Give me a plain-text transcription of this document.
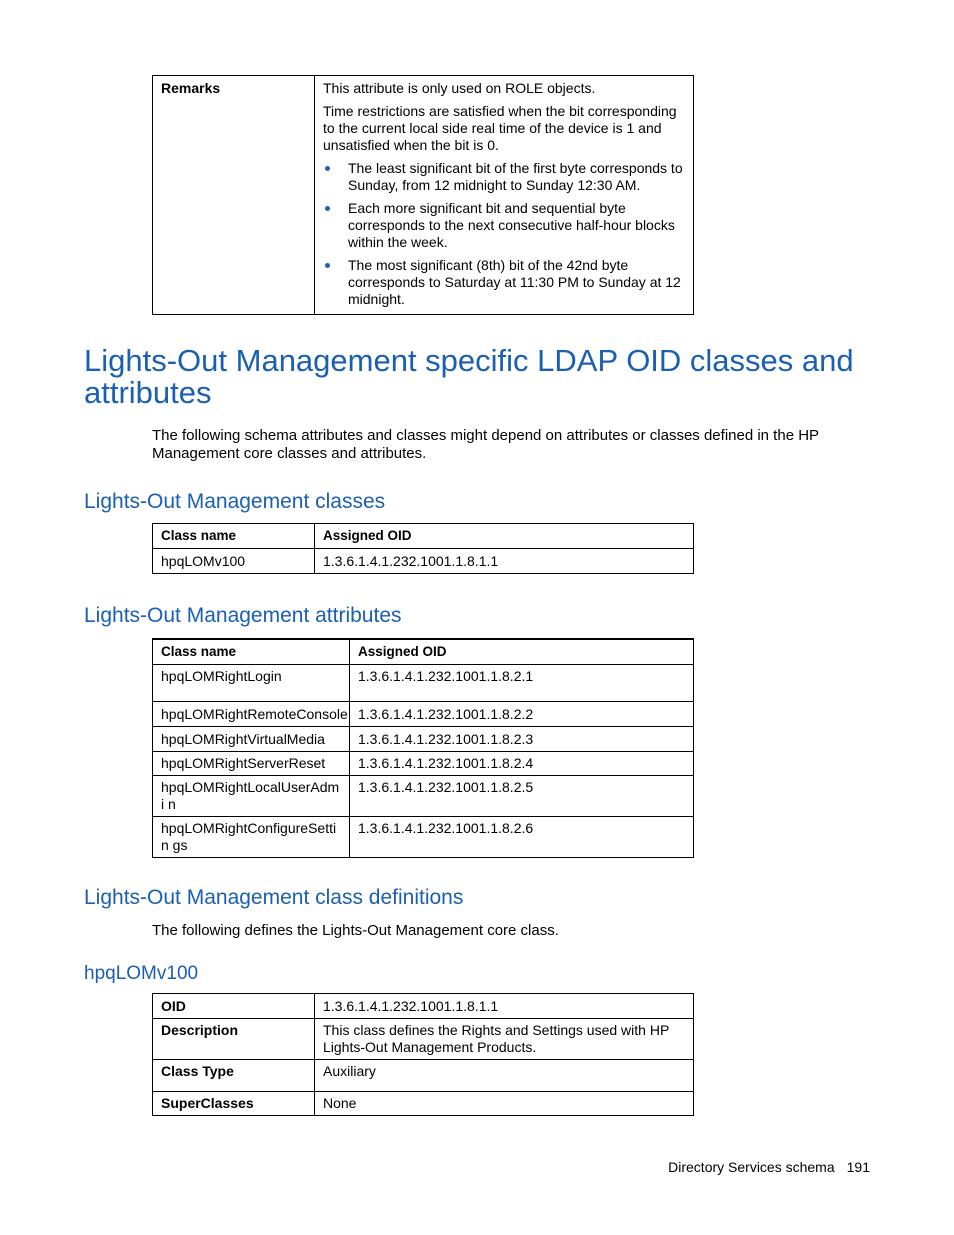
Remarks	This attribute is only used on ROLE objects.

Time restrictions are satisfied when the bit corresponding to the current local side real time of the device is 1 and unsatisfied when the bit is 0.

The least significant bit of the first byte corresponds to Sunday, from 12 midnight to Sunday 12:30 AM.
Each more significant bit and sequential byte corresponds to the next consecutive half-hour blocks within the week.
The most significant (8th) bit of the 42nd byte corresponds to Saturday at 11:30 PM to Sunday at 12 midnight.
Lights-Out Management specific LDAP OID classes and attributes
The following schema attributes and classes might depend on attributes or classes defined in the HP Management core classes and attributes.
Lights-Out Management classes
Class name	Assigned OID
hpqLOMv100	1.3.6.1.4.1.232.1001.1.8.1.1
Lights-Out Management attributes
Class name	Assigned OID
hpqLOMRightLogin	1.3.6.1.4.1.232.1001.1.8.2.1
hpqLOMRightRemoteConsole	1.3.6.1.4.1.232.1001.1.8.2.2
hpqLOMRightVirtualMedia	1.3.6.1.4.1.232.1001.1.8.2.3
hpqLOMRightServerReset	1.3.6.1.4.1.232.1001.1.8.2.4
hpqLOMRightLocalUserAdmi n	1.3.6.1.4.1.232.1001.1.8.2.5
hpqLOMRightConfigureSettin gs	1.3.6.1.4.1.232.1001.1.8.2.6
Lights-Out Management class definitions
The following defines the Lights-Out Management core class.
hpqLOMv100
OID	1.3.6.1.4.1.232.1001.1.8.1.1
Description	This class defines the Rights and Settings used with HP Lights-Out Management Products.
Class Type	Auxiliary
SuperClasses	None
Directory Services schema 191
